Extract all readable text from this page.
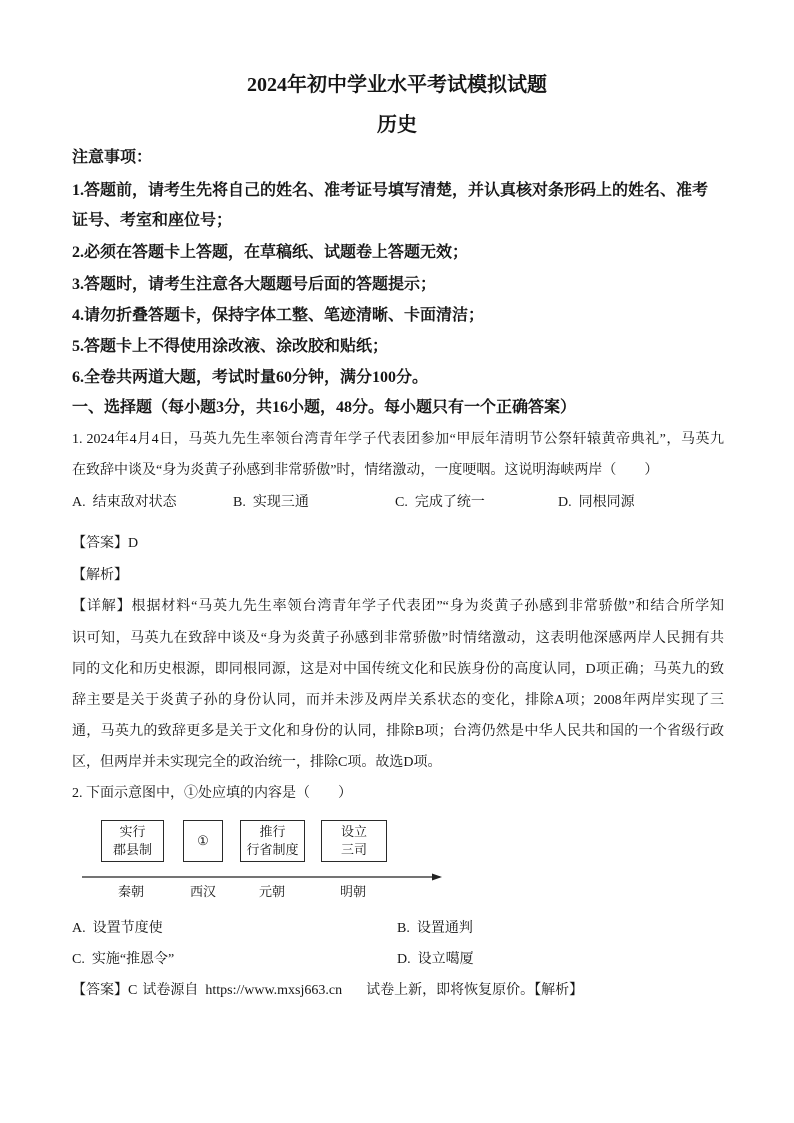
2024年初中学业水平考试模拟试题
历史
注意事项：
1.答题前，请考生先将自己的姓名、准考证号填写清楚，并认真核对条形码上的姓名、准考
证号、考室和座位号；
2.必须在答题卡上答题，在草稿纸、试题卷上答题无效；
3.答题时，请考生注意各大题题号后面的答题提示；
4.请勿折叠答题卡，保持字体工整、笔迹清晰、卡面清洁；
5.答题卡上不得使用涂改液、涂改胶和贴纸；
6.全卷共两道大题，考试时量60分钟，满分100分。
一、选择题（每小题3分，共16小题，48分。每小题只有一个正确答案）
1. 2024年4月4日，马英九先生率领台湾青年学子代表团参加“甲辰年清明节公祭轩辕黄帝典礼”，马英九
在致辞中谈及“身为炎黄子孙感到非常骄傲”时，情绪激动，一度哽咽。这说明海峡两岸（　　）
A. 结束敌对状态	B. 实现三通	C. 完成了统一	D. 同根同源
【答案】D
【解析】
【详解】根据材料“马英九先生率领台湾青年学子代表团”“身为炎黄子孙感到非常骄傲”和结合所学知
识可知，马英九在致辞中谈及“身为炎黄子孙感到非常骄傲”时情绪激动，这表明他深感两岸人民拥有共
同的文化和历史根源，即同根同源，这是对中国传统文化和民族身份的高度认同，D项正确；马英九的致
辞主要是关于炎黄子孙的身份认同，而并未涉及两岸关系状态的变化，排除A项；2008年两岸实现了三
通，马英九的致辞更多是关于文化和身份的认同，排除B项；台湾仍然是中华人民共和国的一个省级行政
区，但两岸并未实现完全的政治统一，排除C项。故选D项。
2. 下面示意图中，①处应填的内容是（　　）
实行
郡县制
①
推行
行省制度
设立
三司
秦朝	西汉	元朝	明朝
A. 设置节度使	B. 设置通判
C. 实施“推恩令”	D. 设立噶厦
【答案】C 试卷源自 https://www.mxsj663.cn 试卷上新，即将恢复原价。【解析】
